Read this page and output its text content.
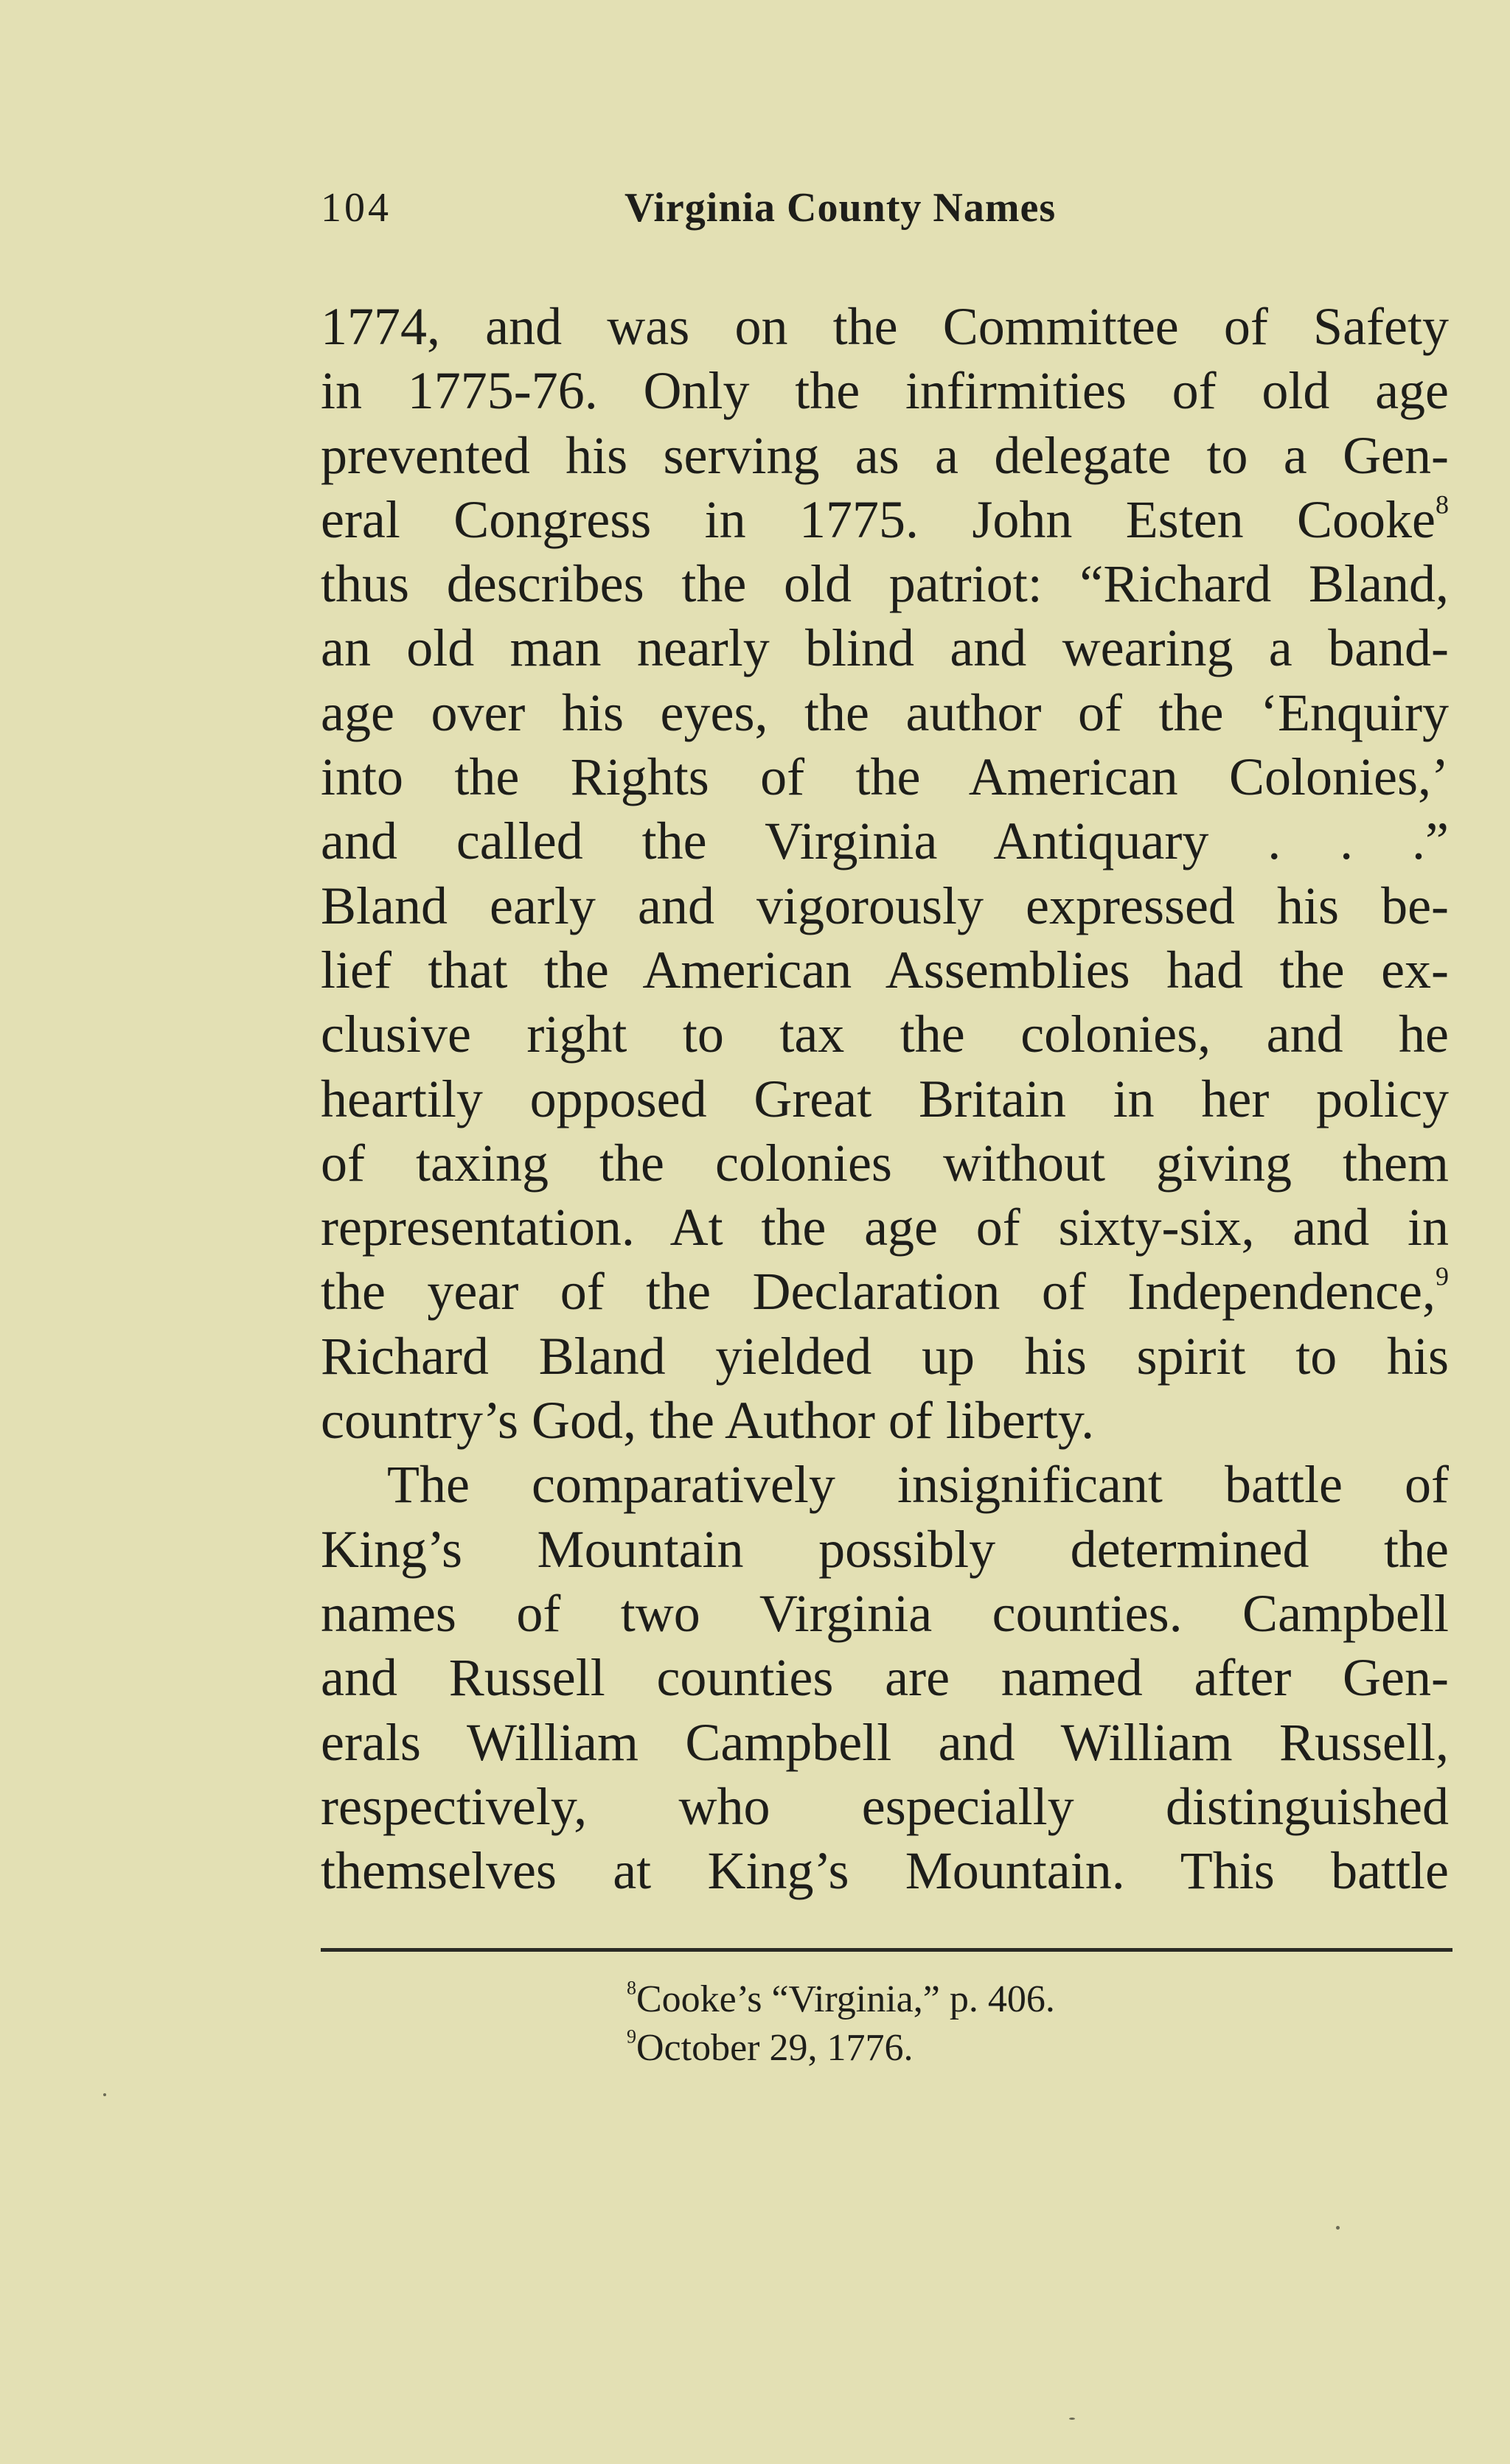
104	Virginia County Names
1774, and was on the Committee of Safety
in 1775-76. Only the infirmities of old age
prevented his serving as a delegate to a Gen-
eral Congress in 1775. John Esten Cooke$^8$
thus describes the old patriot: “Richard Bland,
an old man nearly blind and wearing a band-
age over his eyes, the author of the ‘Enquiry
into the Rights of the American Colonies,’
and called the Virginia Antiquary . . .”
Bland early and vigorously expressed his be-
lief that the American Assemblies had the ex-
clusive right to tax the colonies, and he
heartily opposed Great Britain in her policy
of taxing the colonies without giving them
representation. At the age of sixty-six, and in
the year of the Declaration of Independence,$^9$
Richard Bland yielded up his spirit to his
country’s God, the Author of liberty.
The comparatively insignificant battle of
King’s Mountain possibly determined the
names of two Virginia counties. Campbell
and Russell counties are named after Gen-
erals William Campbell and William Russell,
respectively, who especially distinguished
themselves at King’s Mountain. This battle
$^8$Cooke’s “Virginia,” p. 406.
$^9$October 29, 1776.
